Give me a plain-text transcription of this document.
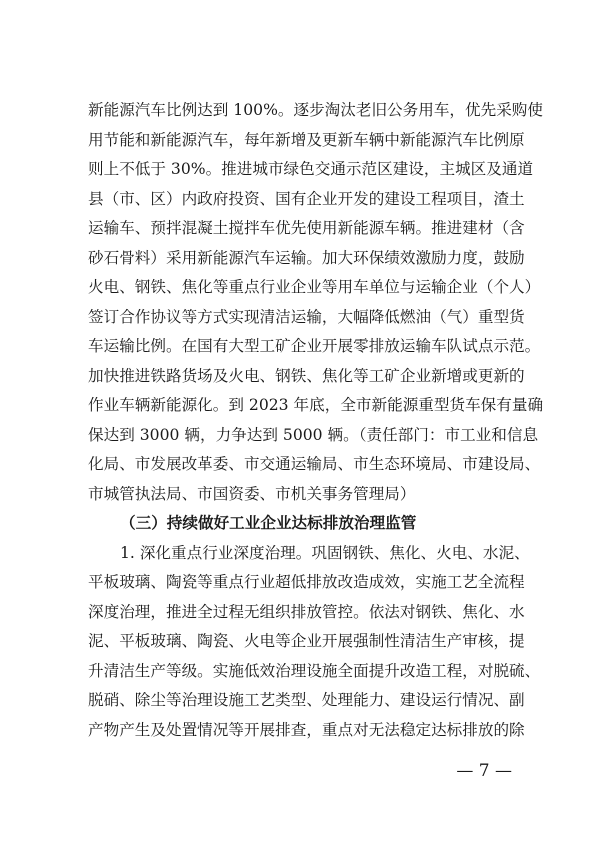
新能源汽车比例达到 100%。逐步淘汰老旧公务用车，优先采购使
用节能和新能源汽车，每年新增及更新车辆中新能源汽车比例原
则上不低于 30%。推进城市绿色交通示范区建设，主城区及通道
县（市、区）内政府投资、国有企业开发的建设工程项目，渣土
运输车、预拌混凝土搅拌车优先使用新能源车辆。推进建材（含
砂石骨料）采用新能源汽车运输。加大环保绩效激励力度，鼓励
火电、钢铁、焦化等重点行业企业等用车单位与运输企业（个人）
签订合作协议等方式实现清洁运输，大幅降低燃油（气）重型货
车运输比例。在国有大型工矿企业开展零排放运输车队试点示范。
加快推进铁路货场及火电、钢铁、焦化等工矿企业新增或更新的
作业车辆新能源化。到 2023 年底，全市新能源重型货车保有量确
保达到 3000 辆，力争达到 5000 辆。（责任部门：市工业和信息
化局、市发展改革委、市交通运输局、市生态环境局、市建设局、
市城管执法局、市国资委、市机关事务管理局）
（三）持续做好工业企业达标排放治理监管
1. 深化重点行业深度治理。巩固钢铁、焦化、火电、水泥、
平板玻璃、陶瓷等重点行业超低排放改造成效，实施工艺全流程
深度治理，推进全过程无组织排放管控。依法对钢铁、焦化、水
泥、平板玻璃、陶瓷、火电等企业开展强制性清洁生产审核，提
升清洁生产等级。实施低效治理设施全面提升改造工程，对脱硫、
脱硝、除尘等治理设施工艺类型、处理能力、建设运行情况、副
产物产生及处置情况等开展排查，重点对无法稳定达标排放的除
— 7 —
